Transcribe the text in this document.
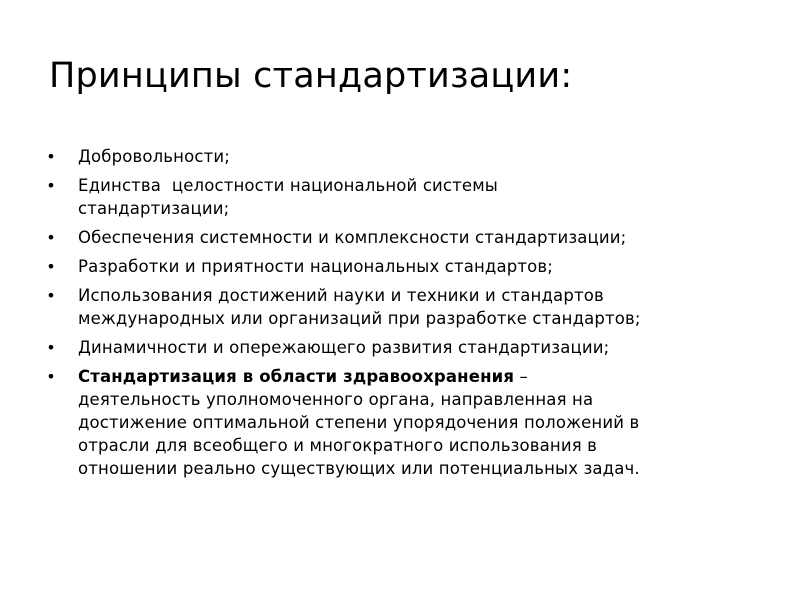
Принципы стандартизации:
• Добровольности;
• Единства  целостности национальной системы
стандартизации;
• Обеспечения системности и комплексности стандартизации;
• Разработки и приятности национальных стандартов;
• Использования достижений науки и техники и стандартов
международных или организаций при разработке стандартов;
• Динамичности и опережающего развития стандартизации;
• Стандартизация в области здравоохранения –
деятельность уполномоченного органа, направленная на
достижение оптимальной степени упорядочения положений в
отрасли для всеобщего и многократного использования в
отношении реально существующих или потенциальных задач.
